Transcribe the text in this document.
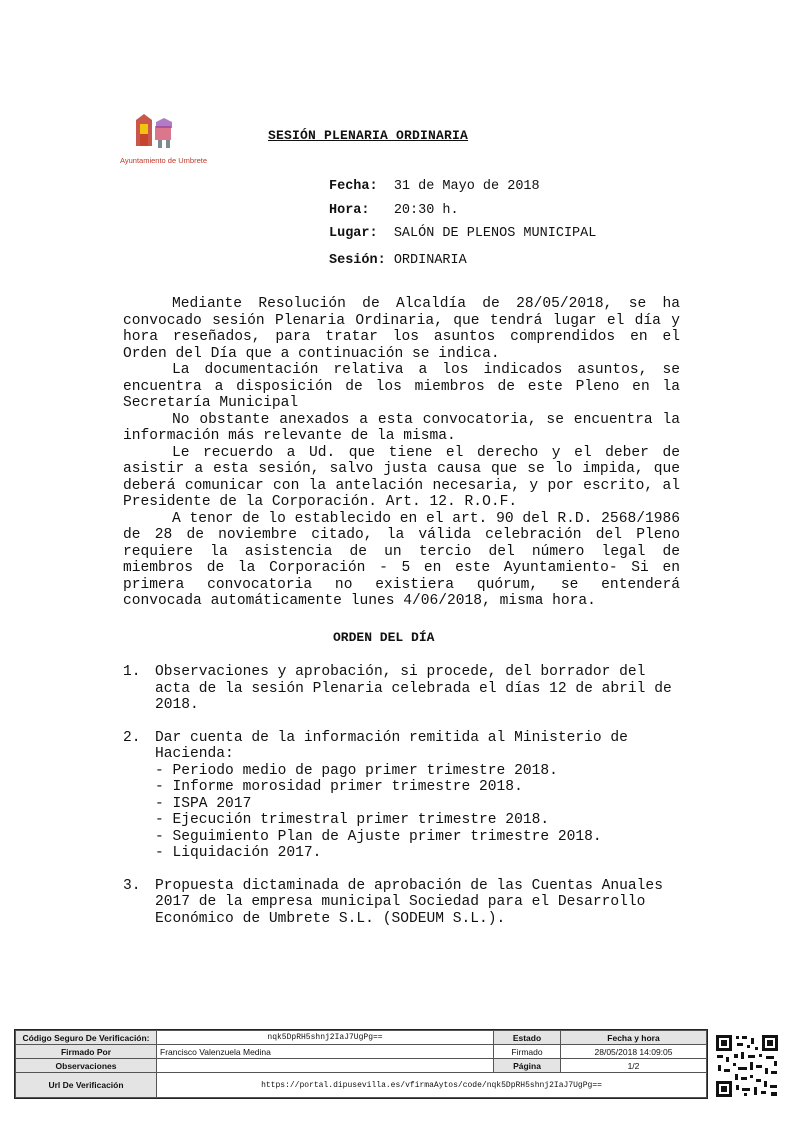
Ayuntamiento de Umbrete
SESIÓN PLENARIA ORDINARIA
Fecha: 31 de Mayo de 2018
Hora: 20:30 h.
Lugar: SALÓN DE PLENOS MUNICIPAL
Sesión: ORDINARIA

Mediante Resolución de Alcaldía de 28/05/2018, se ha convocado sesión Plenaria Ordinaria, que tendrá lugar el día y hora reseñados, para tratar los asuntos comprendidos en el Orden del Día que a continuación se indica.

La documentación relativa a los indicados asuntos, se encuentra a disposición de los miembros de este Pleno en la Secretaría Municipal

No obstante anexados a esta convocatoria, se encuentra la información más relevante de la misma.

Le recuerdo a Ud. que tiene el derecho y el deber de asistir a esta sesión, salvo justa causa que se lo impida, que deberá comunicar con la antelación necesaria, y por escrito, al Presidente de la Corporación. Art. 12. R.O.F.

A tenor de lo establecido en el art. 90 del R.D. 2568/1986 de 28 de noviembre citado, la válida celebración del Pleno requiere la asistencia de un tercio del número legal de miembros de la Corporación - 5 en este Ayuntamiento- Si en primera convocatoria no existiera quórum, se entenderá convocada automáticamente lunes 4/06/2018, misma hora.

ORDEN DEL DÍA
1. Observaciones y aprobación, si procede, del borrador del acta de la sesión Plenaria celebrada el días 12 de abril de 2018.
2. Dar cuenta de la información remitida al Ministerio de Hacienda:
- Periodo medio de pago primer trimestre 2018.
- Informe morosidad primer trimestre 2018.
- ISPA 2017
- Ejecución trimestral primer trimestre 2018.
- Seguimiento Plan de Ajuste primer trimestre 2018.
- Liquidación 2017.
3. Propuesta dictaminada de aprobación de las Cuentas Anuales 2017 de la empresa municipal Sociedad para el Desarrollo Económico de Umbrete S.L. (SODEUM S.L.).
Código Seguro De Verificación:	nqk5DpRH5shnj2IaJ7UgPg==	Estado	Fecha y hora
Firmado Por	Francisco Valenzuela Medina	Firmado	28/05/2018 14:09:05
Observaciones		Página	1/2
Url De Verificación	https://portal.dipusevilla.es/vfirmaAytos/code/nqk5DpRH5shnj2IaJ7UgPg==		
